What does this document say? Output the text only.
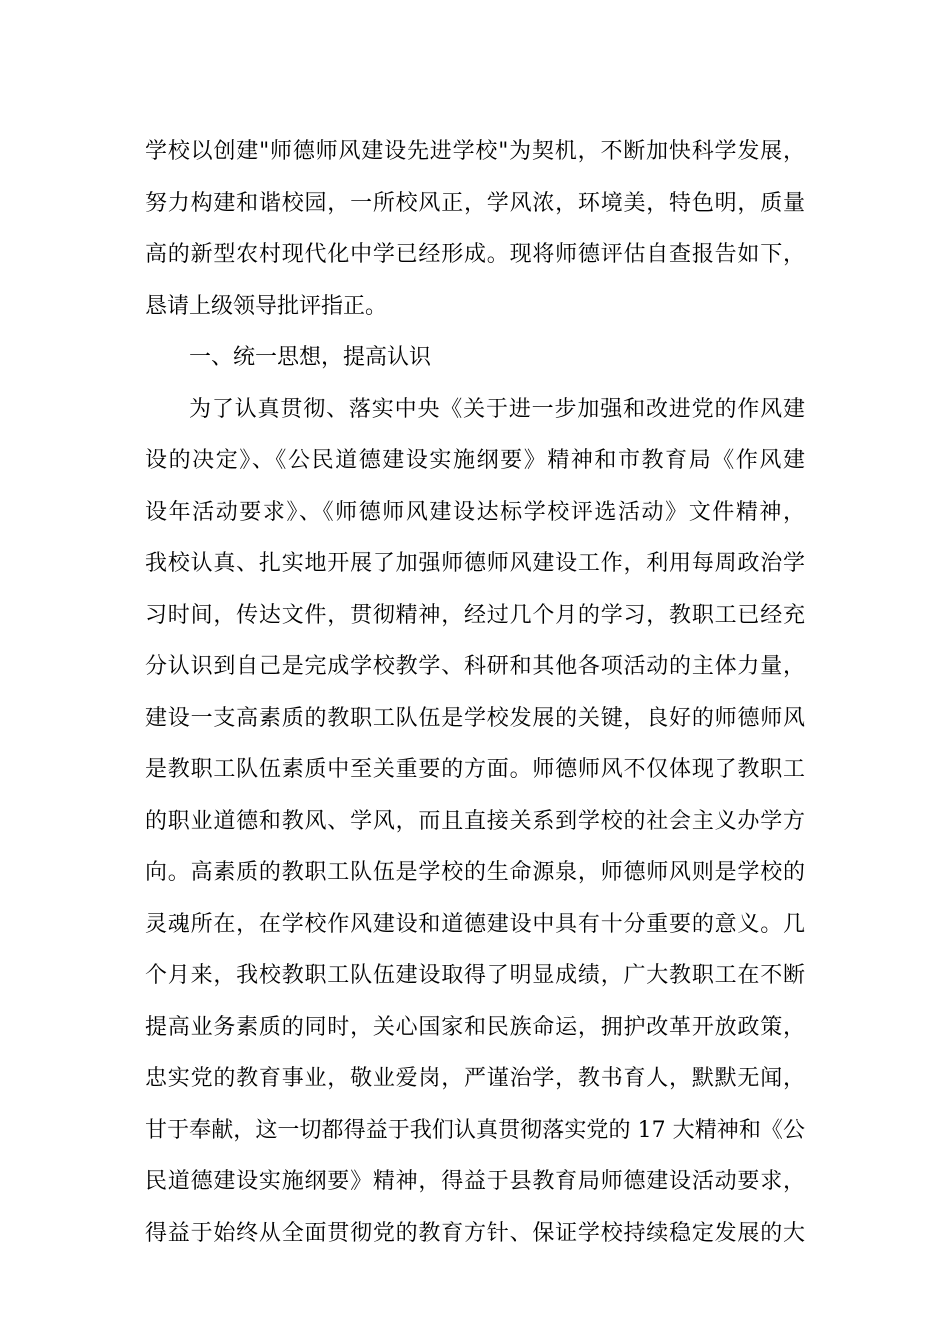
学校以创建"师德师风建设先进学校"为契机，不断加快科学发展，
努力构建和谐校园，一所校风正，学风浓，环境美，特色明，质量
高的新型农村现代化中学已经形成。现将师德评估自查报告如下，
恳请上级领导批评指正。
一、统一思想，提高认识
为了认真贯彻、落实中央《关于进一步加强和改进党的作风建
设的决定》、《公民道德建设实施纲要》精神和市教育局《作风建
设年活动要求》、《师德师风建设达标学校评选活动》文件精神，
我校认真、扎实地开展了加强师德师风建设工作，利用每周政治学
习时间，传达文件，贯彻精神，经过几个月的学习，教职工已经充
分认识到自己是完成学校教学、科研和其他各项活动的主体力量，
建设一支高素质的教职工队伍是学校发展的关键，良好的师德师风
是教职工队伍素质中至关重要的方面。师德师风不仅体现了教职工
的职业道德和教风、学风，而且直接关系到学校的社会主义办学方
向。高素质的教职工队伍是学校的生命源泉，师德师风则是学校的
灵魂所在，在学校作风建设和道德建设中具有十分重要的意义。几
个月来，我校教职工队伍建设取得了明显成绩，广大教职工在不断
提高业务素质的同时，关心国家和民族命运，拥护改革开放政策，
忠实党的教育事业，敬业爱岗，严谨治学，教书育人，默默无闻，
甘于奉献，这一切都得益于我们认真贯彻落实党的 17 大精神和《公
民道德建设实施纲要》精神，得益于县教育局师德建设活动要求，
得益于始终从全面贯彻党的教育方针、保证学校持续稳定发展的大
